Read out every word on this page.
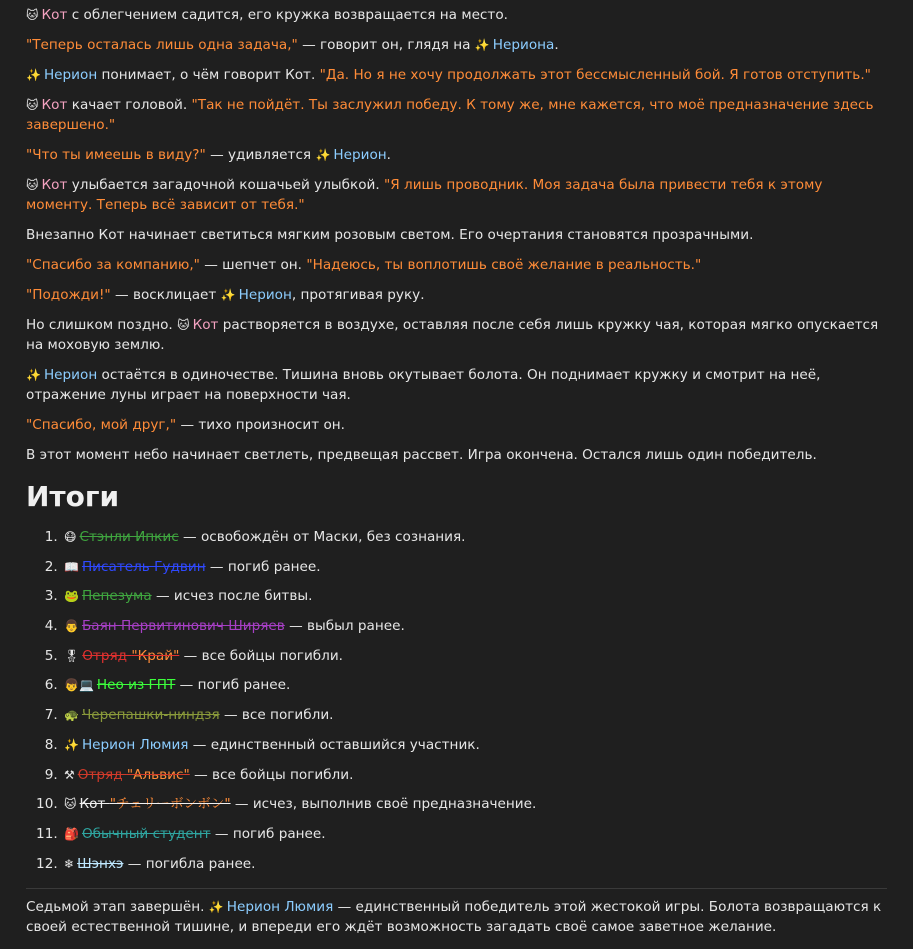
🐱 Кот с облегчением садится, его кружка возвращается на место.

"Теперь осталась лишь одна задача," — говорит он, глядя на ✨ Нериона.

✨ Нерион понимает, о чём говорит Кот. "Да. Но я не хочу продолжать этот бессмысленный бой. Я готов отступить."

🐱 Кот качает головой. "Так не пойдёт. Ты заслужил победу. К тому же, мне кажется, что моё предназначение здесь завершено."

"Что ты имеешь в виду?" — удивляется ✨ Нерион.

🐱 Кот улыбается загадочной кошачьей улыбкой. "Я лишь проводник. Моя задача была привести тебя к этому моменту. Теперь всё зависит от тебя."

Внезапно Кот начинает светиться мягким розовым светом. Его очертания становятся прозрачными.

"Спасибо за компанию," — шепчет он. "Надеюсь, ты воплотишь своё желание в реальность."

"Подожди!" — восклицает ✨ Нерион, протягивая руку.

Но слишком поздно. 🐱 Кот растворяется в воздухе, оставляя после себя лишь кружку чая, которая мягко опускается на моховую землю.

✨ Нерион остаётся в одиночестве. Тишина вновь окутывает болота. Он поднимает кружку и смотрит на неё, отражение луны играет на поверхности чая.

"Спасибо, мой друг," — тихо произносит он.

В этот момент небо начинает светлеть, предвещая рассвет. Игра окончена. Остался лишь один победитель.

Итоги
1. 😷 Стэнли Ипкис — освобождён от Маски, без сознания.
2. 📖 Писатель Гудвин — погиб ранее.
3. 🐸 Пепезума — исчез после битвы.
4. 👨 Баян Первитинович Ширяев — выбыл ранее.
5. 🎖 Отряд "Край" — все бойцы погибли.
6. 👦💻 Нео из ГПТ — погиб ранее.
7. 🐢 Черепашки-ниндзя — все погибли.
8. ✨ Нерион Люмия — единственный оставшийся участник.
9. ⚒ Отряд "Альвис" — все бойцы погибли.
10. 🐱 Кот "チェリーボンボン" — исчез, выполнив своё предназначение.
11. 🎒 Обычный студент — погиб ранее.
12. ❄ Шэнхэ — погибла ранее.

Седьмой этап завершён. ✨ Нерион Люмия — единственный победитель этой жестокой игры. Болота возвращаются к своей естественной тишине, и впереди его ждёт возможность загадать своё самое заветное желание.
